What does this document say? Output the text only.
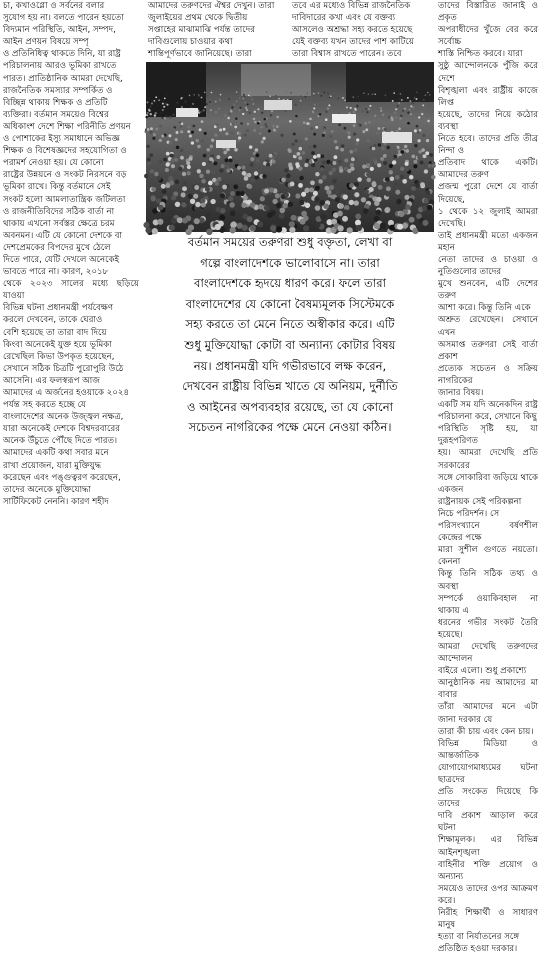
চা, কখাওগ্লো ও সর্বনের বলার

সুযোগ হয় না। বলতে পারেন হয়তো

বিদ্যমান পরিস্থিতি, আইন, সম্পদ,

আইন প্রণয়ন বিষয়ে সম্পৃ

ও প্রতিনিধিত্ব থাকতে দিনি, যা রাষ্ট্র

পরিচালনায় আরও ভূমিকা রাখতে

পারত। প্রাতিষ্ঠানিক আমরা দেখেছি,

রাজনৈতিক সমস্যার সম্পর্কিত ও

বিচ্ছিন্ন থাকায় শিক্ষক ও প্রতিটি

ব্যক্তিরা। বর্তমান সময়েও বিশ্বের

অধিকাংশ দেশে শিক্ষা পরিনীতি প্রণয়ন

ও পোশাকের ইস্যু সমাধানে অভিজ্ঞ

শিক্ষক ও বিশেষজ্ঞদের সহযোগিতা ও

পরামর্শ নেওয়া হয়। যে কোনো

রাষ্ট্রের উন্নয়নে ও সংকট নিরসনে বড়

ভূমিকা রাখে। কিন্তু বর্তমানে সেই

সংকট হলো আমলাতান্ত্রিক জটিলতা

ও রাজনীতিবিদের সঠিক বার্তা না

থাকায় এখনো সর্বস্তর ক্ষেত্রে চরম

অবনমন। এটি যে কোনো দেশকে বা

দেশপ্রেমকের বিপদের মুখে ঠেলে

দিতে পারে, যেটি দেখলে অনেকেই

ভাবতে পারে না। কারণ, ২০১৮

থেকে ২০২৩ সালের মধ্যে ছড়িয়ে যাওয়া

বিভিন্ন ঘটনা প্রধানমন্ত্রী পর্যবেক্ষণ

করলে দেখবেন, তাকে ঘেরাও

বেশি হয়েছে তা তারা বাদ দিয়ে

কিংবা অনেকেই যুক্ত হয়ে ভূমিকা

রেখেছিল কিভা উপকৃত হয়েছেন,

সেখানে সঠিক চিত্রটি পুরোপুরি উঠে

আসেনি। এর ফলস্বরূপ আজ

আমাদের এ অর্জনের হওয়াকে ২০২৪

পর্যন্ত সহ করতে হচ্ছে যে

বাংলাদেশের অনেক উজ্জ্বল নক্ষত্র,

যারা অনেকেই দেশকে বিশ্বদরবারের

অনেক উঁচুতে পৌঁছে দিতে পারত।

আমাদের একটি কথা সবার মনে

রাখা প্রয়োজন, যারা মুক্তিযুদ্ধ

করেছেন এবং পঙ্গুত্বরণ করেছেন,

তাদের অনেকে মুক্তিযোদ্ধা

সার্টিফিকেট নেননি। কারণ শহীদ

আমাদের তরুণদের ঐশ্বর দেখুন। তারা

জুলাইয়ের প্রথম থেকে দ্বিতীয়

সপ্তাহের মাঝামাঝি পর্যন্ত তাদের

দাবিগুলোয় চাওয়ার কথা

শান্তিপূর্ণভাবে জানিয়েছে। তারা

তবে এর মধ্যেও বিভিন্ন রাজনৈতিক

দাবিদারের কখা এবং যে বক্তব্য

আসলেও অশ্রদ্ধা সহ্য করতে হয়েছে

যেই বক্তব্য যখন তাদের পাশ কাটিয়ে

তারা বিশ্বাস রাখতে পারেন। তবে

বর্তমান সময়ের তরুণরা শুধু বক্তৃতা, লেখা বা

গল্পে বাংলাদেশকে ভালোবাসে না। তারা

বাংলাদেশকে হৃদয়ে ধারণ করে। ফলে তারা

বাংলাদেশের যে কোনো বৈষম্যমূলক সিস্টেমকে

সহ্য করতে তা মেনে নিতে অস্বীকার করে। এটি

শুধু মুক্তিযোদ্ধা কোটা বা অন্যান্য কোটার বিষয়

নয়। প্রধানমন্ত্রী যদি গভীরভাবে লক্ষ করেন,

দেখবেন রাষ্ট্রীয় বিভিন্ন খাতে যে অনিয়ম, দুর্নীতি

ও আইনের অপব্যবহার রয়েছে, তা যে কোনো

সচেতন নাগরিকের পক্ষে মেনে নেওয়া কঠিন।

তাদের বিস্তারিত জানাই ও প্রকৃত

অপরাধীদের খুঁজে বের করে সর্বোচ্চ

শাস্তি নিশ্চিত করবে। যারা

সুষ্ঠু আন্দোলনকে পুঁজি করে দেশে

বিশৃঙ্খলা এবং রাষ্ট্রীয় কাজে লিপ্ত

হয়েছে, তাদের নিয়ে কঠোর ব্যবস্থা

নিতে হবে। তাদের প্রতি তীব্র নিন্দা ও

প্রতিবাদ থাকে একটি। আমাদের তরুণ

প্রজন্ম পুরো দেশে যে বার্তা দিয়েছে,

১ থেকে ১২ জুলাই আমরা দেখেছি।

তাই প্রধানমন্ত্রী মতো একজন মহান

নেতা তাদের ও চাওয়া ও নুতিগুলোর তাদের

মুখে শুনবেন, এটি দেশের তরুণ

আশা করে। কিন্তু তিনি একে

অশ্রুত রেখেছেন। সেখানে এখন

অসমাপ্ত তরুণরা সেই বার্তা প্রকাশ

প্রত্যেক সচেতন ও সক্রিয় নাগরিকের

জানার বিষয়।

একটি সম যদি অনেকদিন রাষ্ট্র

পরিচালনা করে, সেখানে কিছু

পরিস্থিতি সৃষ্টি হয়, যা দুরূহপরিণত

হয়। আমরা দেখেছি প্রতি সরকারের

সঙ্গে সোকারিবা জড়িয়ে থাকে একজন

রাষ্ট্রনায়ক সেই পরিকল্পনা

নিচে পরিদর্শন। সে

পরিসংখ্যানে বর্ষণশীল কেন্দ্রের পক্ষে

মারা সুশীল গুণতে নয়তো। কেননা

কিন্তু তিনি সঠিক তথ্য ও অবস্থা

সম্পর্কে ওয়াকিবহাল না থাকায় এ

ধরনের গভীর সংকট তৈরি হয়েছে।

আমরা দেখেছি তরুণদের আন্দোলন

বাইরে এলো। শুধু প্রকাশ্যে

আনুষ্ঠানিক নয় আমাদের মা বাবার

তাঁরা আমাদের মনে এটা জানা দরকার যে

তারা কী চায় এবং কেন চায়।

বিভিন্ন মিডিয়া ও আন্তর্জাতিক

যোগাযোগমাধ্যমের ঘটনা ছাত্রদের

প্রতি সংকেত দিয়েছে কি তাদের

দাবি প্রকাশ আড়াল করে ঘটনা

শিক্ষামূলক। এর বিভিন্ন আইনশৃঙ্খলা

বাহিনীর শক্তি প্রয়োগ ও অন্যান্য

সময়েও তাদের ওপর আক্রমণ করে।

নিরীহ শিক্ষার্থী ও সাধারণ মানুষ

হত্যা বা নির্যাতনের সঙ্গে

প্রতিষ্ঠিত হওয়া দরকার।
